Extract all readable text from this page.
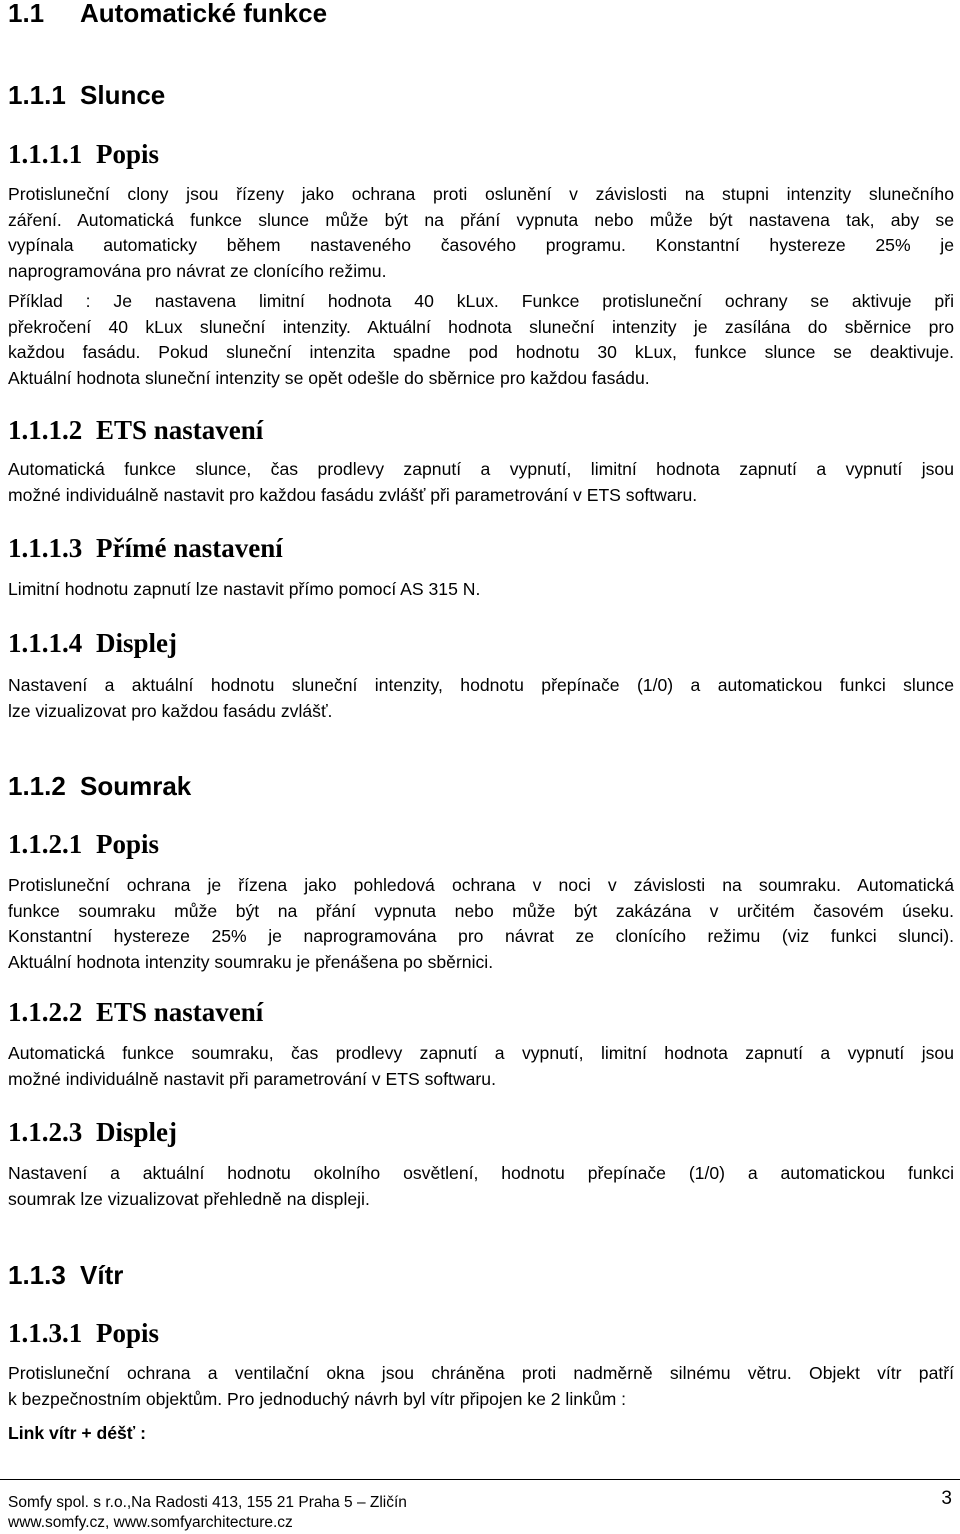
1.1 Automatické funkce
1.1.1 Slunce
1.1.1.1 Popis
Protisluneční clony jsou řízeny jako ochrana proti oslunění v závislosti na stupni intenzity slunečního
záření. Automatická funkce slunce může být na přání vypnuta nebo může být nastavena tak, aby se
vypínala automaticky během nastaveného časového programu. Konstantní hystereze 25% je
naprogramována pro návrat ze clonícího režimu.
Příklad : Je nastavena limitní hodnota 40 kLux. Funkce protisluneční ochrany se aktivuje při
překročení 40 kLux sluneční intenzity. Aktuální hodnota sluneční intenzity je zasílána do sběrnice pro
každou fasádu. Pokud sluneční intenzita spadne pod hodnotu 30 kLux, funkce slunce se deaktivuje.
Aktuální hodnota sluneční intenzity se opět odešle do sběrnice pro každou fasádu.
1.1.1.2 ETS nastavení
Automatická funkce slunce, čas prodlevy zapnutí a vypnutí, limitní hodnota zapnutí a vypnutí jsou
možné individuálně nastavit pro každou fasádu zvlášť při parametrování v ETS softwaru.
1.1.1.3 Přímé nastavení
Limitní hodnotu zapnutí lze nastavit přímo pomocí AS 315 N.
1.1.1.4 Displej
Nastavení a aktuální hodnotu sluneční intenzity, hodnotu přepínače (1/0) a automatickou funkci slunce
lze vizualizovat pro každou fasádu zvlášť.
1.1.2 Soumrak
1.1.2.1 Popis
Protisluneční ochrana je řízena jako pohledová ochrana v noci v závislosti na soumraku. Automatická
funkce soumraku může být na přání vypnuta nebo může být zakázána v určitém časovém úseku.
Konstantní hystereze 25% je naprogramována pro návrat ze clonícího režimu (viz funkci slunci).
Aktuální hodnota intenzity soumraku je přenášena po sběrnici.
1.1.2.2 ETS nastavení
Automatická funkce soumraku, čas prodlevy zapnutí a vypnutí, limitní hodnota zapnutí a vypnutí jsou
možné individuálně nastavit při parametrování v ETS softwaru.
1.1.2.3 Displej
Nastavení a aktuální hodnotu okolního osvětlení, hodnotu přepínače (1/0) a automatickou funkci
soumrak lze vizualizovat přehledně na displeji.
1.1.3 Vítr
1.1.3.1 Popis
Protisluneční ochrana a ventilační okna jsou chráněna proti nadměrně silnému větru. Objekt vítr patří
k bezpečnostním objektům. Pro jednoduchý návrh byl vítr připojen ke 2 linkům :
Link vítr + déšť :
Somfy spol. s r.o.,Na Radosti 413, 155 21 Praha 5 – Zličín
www.somfy.cz, www.somfyarchitecture.cz
3
